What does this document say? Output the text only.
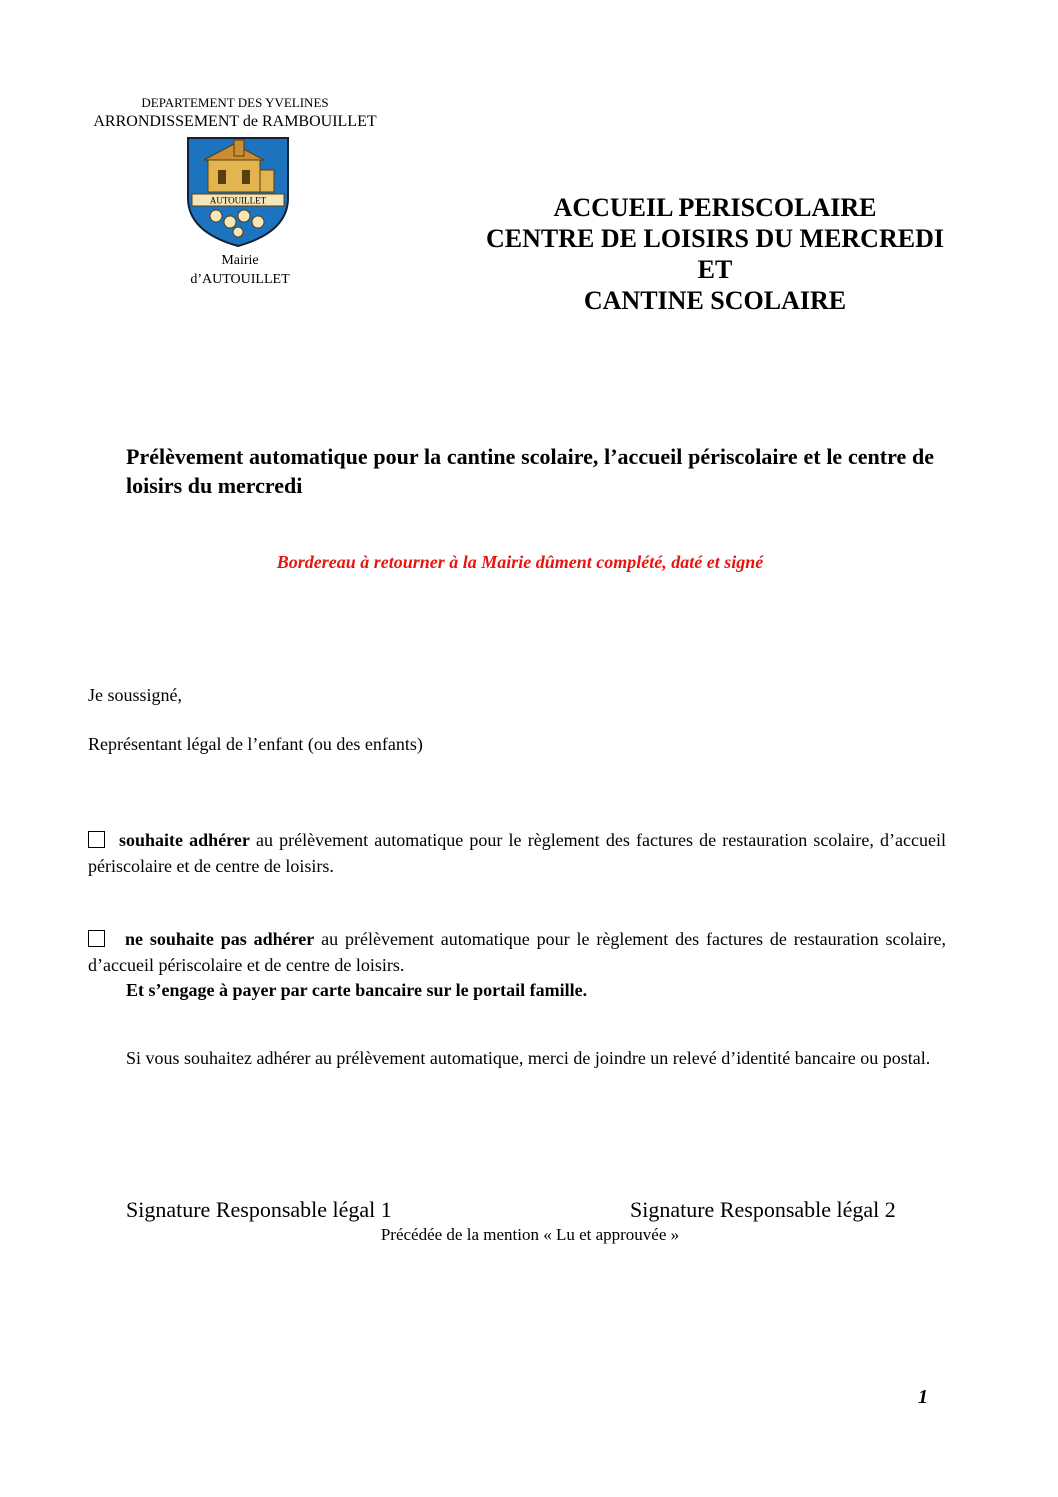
DEPARTEMENT DES YVELINES
ARRONDISSEMENT de RAMBOUILLET
AUTOUILLET
Mairie
d’AUTOUILLET
ACCUEIL PERISCOLAIRE
CENTRE DE LOISIRS DU MERCREDI
ET
CANTINE SCOLAIRE
Prélèvement automatique pour la cantine scolaire, l’accueil périscolaire et le centre de loisirs du mercredi
Bordereau à retourner à la Mairie dûment complété, daté et signé
Je soussigné,
Représentant légal de l’enfant (ou des enfants)
souhaite adhérer au prélèvement automatique pour le règlement des factures de restauration scolaire, d’accueil périscolaire et de centre de loisirs.
ne souhaite pas adhérer au prélèvement automatique pour le règlement des factures de restauration scolaire, d’accueil périscolaire et de centre de loisirs.
Et s’engage à payer par carte bancaire sur le portail famille.
Si vous souhaitez adhérer au prélèvement automatique, merci de joindre un relevé d’identité bancaire ou postal.
Signature Responsable légal 1	Signature Responsable légal 2
Précédée de la mention « Lu et approuvée »
1
